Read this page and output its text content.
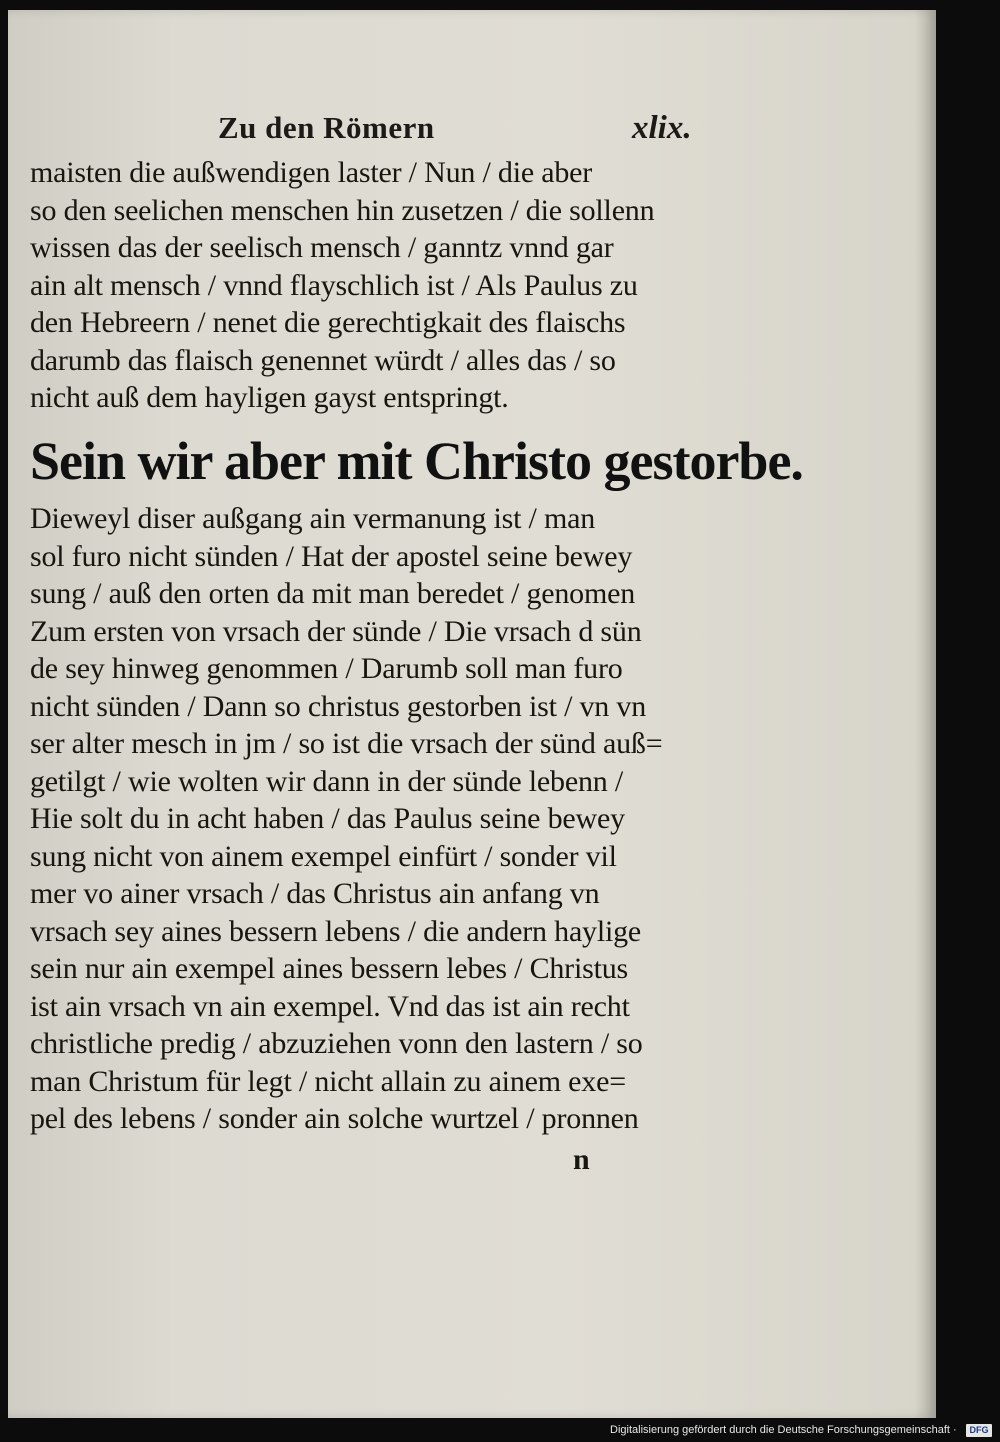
Zu den Römern	xlix.
maisten die außwendigen laster / Nun / die aber
so den seelichen menschen hin zusetzen / die sollenn
wissen das der seelisch mensch / ganntz vnnd gar
ain alt mensch / vnnd flayschlich ist / Als Paulus zu
den Hebreern / nenet die gerechtigkait des flaischs
darumb das flaisch genennet würdt / alles das / so
nicht auß dem hayligen gayst entspringt.
Sein wir aber mit Christo gestorbe.
Dieweyl diser außgang ain vermanung ist / man
sol furo nicht sünden / Hat der apostel seine bewey
sung / auß den orten da mit man beredet / genomen
Zum ersten von vrsach der sünde / Die vrsach d sün
de sey hinweg genommen / Darumb soll man furo
nicht sünden / Dann so christus gestorben ist / vn vn
ser alter mesch in jm / so ist die vrsach der sünd auß=
getilgt / wie wolten wir dann in der sünde lebenn /
Hie solt du in acht haben / das Paulus seine bewey
sung nicht von ainem exempel einfürt / sonder vil
mer vo ainer vrsach / das Christus ain anfang vn
vrsach sey aines bessern lebens / die andern haylige
sein nur ain exempel aines bessern lebes / Christus
ist ain vrsach vn ain exempel. Vnd das ist ain recht
christliche predig / abzuziehen vonn den lastern / so
man Christum für legt / nicht allain zu ainem exe=
pel des lebens / sonder ain solche wurtzel / pronnen
n
Digitalisierung gefördert durch die Deutsche Forschungsgemeinschaft ·	DFG
